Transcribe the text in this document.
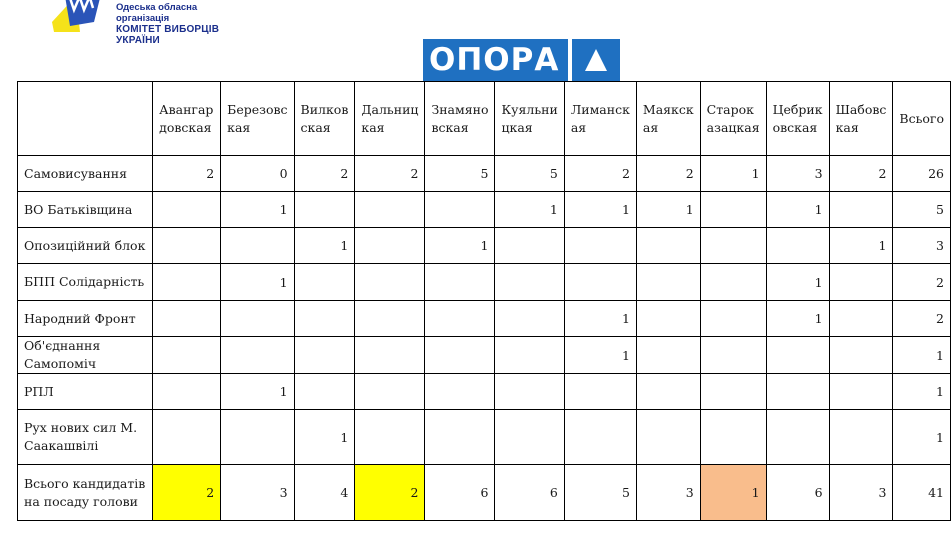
Одеська обласна організація
КОМІТЕТ ВИБОРЦІВ УКРАЇНИ
ОПОРА
	Авангар довская	Березовс кая	Вилков ская	Дальниц кая	Знамяно вская	Куяльни цкая	Лиманск ая	Маякск ая	Старок азацкая	Цебрик овская	Шабовс кая	Всього
Самовисування	2	0	2	2	5	5	2	2	1	3	2	26
ВО Батьківщина		1				1	1	1		1		5
Опозиційний блок			1		1						1	3
БПП Солідарність		1								1		2
Народний Фронт							1			1		2
Об'єднання Самопоміч							1					1
РПЛ		1										1
Рух нових сил М. Саакашвілі			1									1
Всього кандидатів на посаду голови	2	3	4	2	6	6	5	3	1	6	3	41
